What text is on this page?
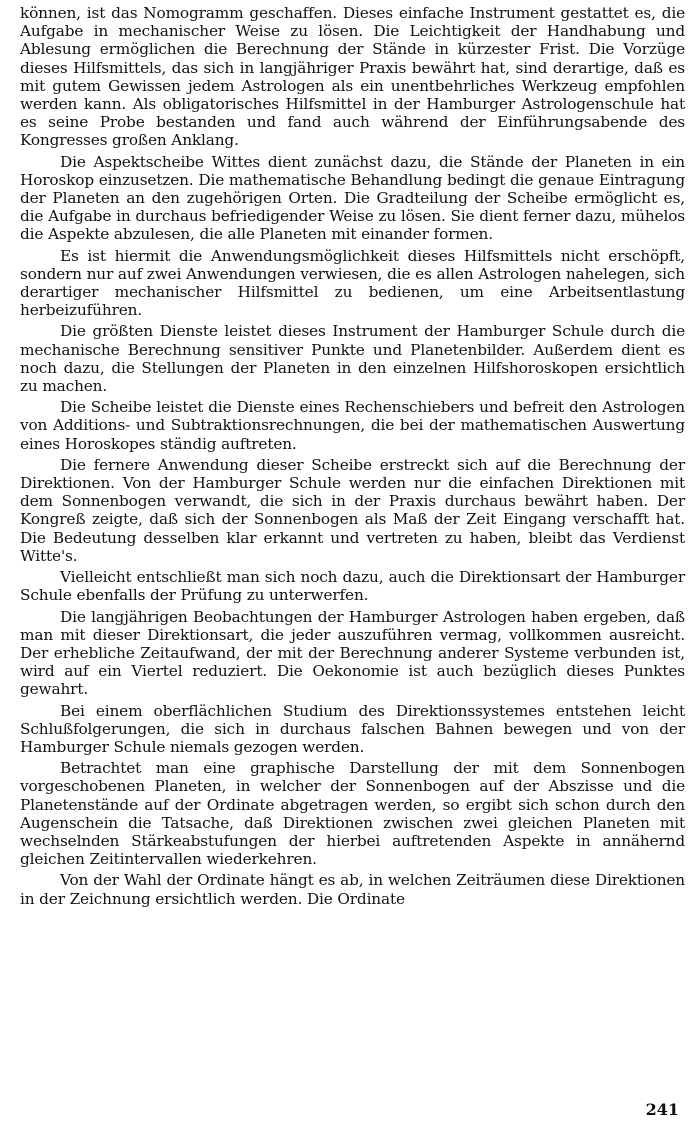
können, ist das Nomogramm geschaffen. Dieses einfache Instrument gestattet es, die Aufgabe in mechanischer Weise zu lösen. Die Leichtigkeit der Handhabung und Ablesung ermöglichen die Berechnung der Stände in kürzester Frist. Die Vorzüge dieses Hilfsmittels, das sich in langjähriger Praxis bewährt hat, sind derartige, daß es mit gutem Gewissen jedem Astrologen als ein unentbehrliches Werkzeug empfohlen werden kann. Als obligatorisches Hilfsmittel in der Hamburger Astrologenschule hat es seine Probe bestanden und fand auch während der Einführungsabende des Kongresses großen Anklang.

Die Aspektscheibe Wittes dient zunächst dazu, die Stände der Planeten in ein Horoskop einzusetzen. Die mathematische Behandlung bedingt die genaue Eintragung der Planeten an den zugehörigen Orten. Die Gradteilung der Scheibe ermöglicht es, die Aufgabe in durchaus befriedigender Weise zu lösen. Sie dient ferner dazu, mühelos die Aspekte abzulesen, die alle Planeten mit einander formen.

Es ist hiermit die Anwendungsmöglichkeit dieses Hilfsmittels nicht erschöpft, sondern nur auf zwei Anwendungen verwiesen, die es allen Astrologen nahelegen, sich derartiger mechanischer Hilfsmittel zu bedienen, um eine Arbeitsentlastung herbeizuführen.

Die größten Dienste leistet dieses Instrument der Hamburger Schule durch die mechanische Berechnung sensitiver Punkte und Planetenbilder. Außerdem dient es noch dazu, die Stellungen der Planeten in den einzelnen Hilfshoroskopen ersichtlich zu machen.

Die Scheibe leistet die Dienste eines Rechenschiebers und befreit den Astrologen von Additions- und Subtraktionsrechnungen, die bei der mathematischen Auswertung eines Horoskopes ständig auftreten.

Die fernere Anwendung dieser Scheibe erstreckt sich auf die Berechnung der Direktionen. Von der Hamburger Schule werden nur die einfachen Direktionen mit dem Sonnenbogen verwandt, die sich in der Praxis durchaus bewährt haben. Der Kongreß zeigte, daß sich der Sonnenbogen als Maß der Zeit Eingang verschafft hat. Die Bedeutung desselben klar erkannt und vertreten zu haben, bleibt das Verdienst Witte's.

Vielleicht entschließt man sich noch dazu, auch die Direktionsart der Hamburger Schule ebenfalls der Prüfung zu unterwerfen.

Die langjährigen Beobachtungen der Hamburger Astrologen haben ergeben, daß man mit dieser Direktionsart, die jeder auszuführen vermag, vollkommen ausreicht. Der erhebliche Zeitaufwand, der mit der Berechnung anderer Systeme verbunden ist, wird auf ein Viertel reduziert. Die Oekonomie ist auch bezüglich dieses Punktes gewahrt.

Bei einem oberflächlichen Studium des Direktionssystemes entstehen leicht Schlußfolgerungen, die sich in durchaus falschen Bahnen bewegen und von der Hamburger Schule niemals gezogen werden.

Betrachtet man eine graphische Darstellung der mit dem Sonnenbogen vorgeschobenen Planeten, in welcher der Sonnenbogen auf der Abszisse und die Planetenstände auf der Ordinate abgetragen werden, so ergibt sich schon durch den Augenschein die Tatsache, daß Direktionen zwischen zwei gleichen Planeten mit wechselnden Stärkeabstufungen der hierbei auftretenden Aspekte in annähernd gleichen Zeitintervallen wiederkehren.

Von der Wahl der Ordinate hängt es ab, in welchen Zeiträumen diese Direktionen in der Zeichnung ersichtlich werden. Die Ordinate

241
